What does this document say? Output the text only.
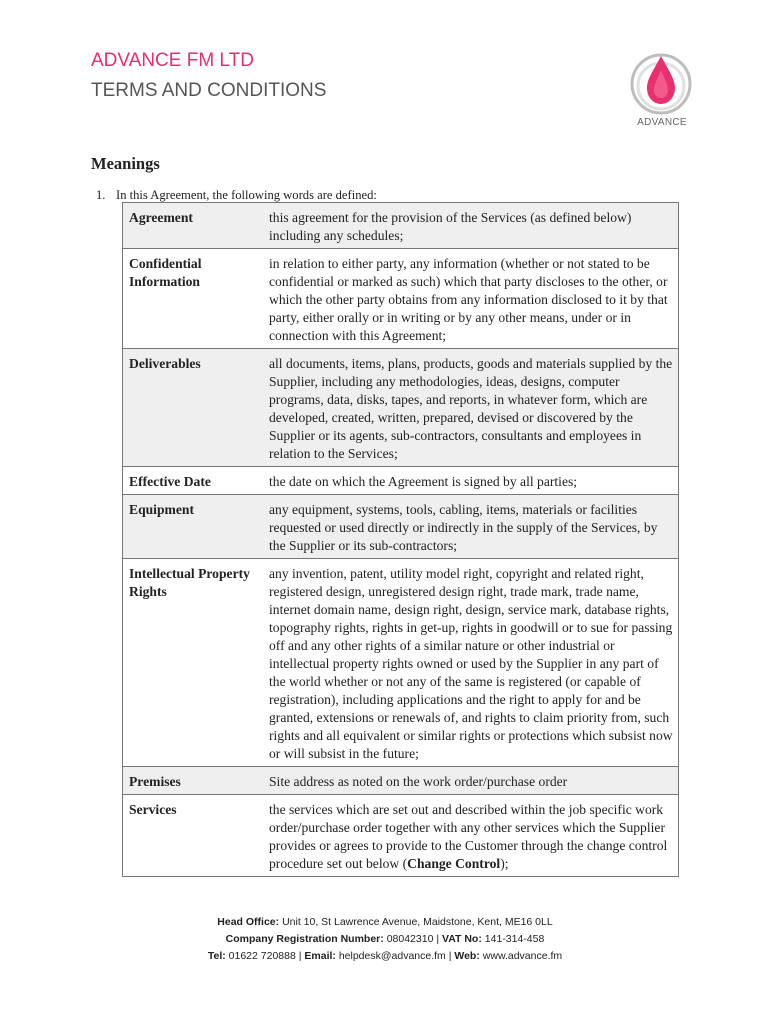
ADVANCE FM LTD
TERMS AND CONDITIONS
ADVANCE
Meanings
1. In this Agreement, the following words are defined:
Agreement	this agreement for the provision of the Services (as defined below) including any schedules;
Confidential Information	in relation to either party, any information (whether or not stated to be confidential or marked as such) which that party discloses to the other, or which the other party obtains from any information disclosed to it by that party, either orally or in writing or by any other means, under or in connection with this Agreement;
Deliverables	all documents, items, plans, products, goods and materials supplied by the Supplier, including any methodologies, ideas, designs, computer programs, data, disks, tapes, and reports, in whatever form, which are developed, created, written, prepared, devised or discovered by the Supplier or its agents, sub-contractors, consultants and employees in relation to the Services;
Effective Date	the date on which the Agreement is signed by all parties;
Equipment	any equipment, systems, tools, cabling, items, materials or facilities requested or used directly or indirectly in the supply of the Services, by the Supplier or its sub-contractors;
Intellectual Property Rights	any invention, patent, utility model right, copyright and related right, registered design, unregistered design right, trade mark, trade name, internet domain name, design right, design, service mark, database rights, topography rights, rights in get-up, rights in goodwill or to sue for passing off and any other rights of a similar nature or other industrial or intellectual property rights owned or used by the Supplier in any part of the world whether or not any of the same is registered (or capable of registration), including applications and the right to apply for and be granted, extensions or renewals of, and rights to claim priority from, such rights and all equivalent or similar rights or protections which subsist now or will subsist in the future;
Premises	Site address as noted on the work order/purchase order
Services	the services which are set out and described within the job specific work order/purchase order together with any other services which the Supplier provides or agrees to provide to the Customer through the change control procedure set out below (Change Control);
Head Office: Unit 10, St Lawrence Avenue, Maidstone, Kent, ME16 0LL
Company Registration Number: 08042310 | VAT No: 141-314-458
Tel: 01622 720888 | Email: helpdesk@advance.fm | Web: www.advance.fm
